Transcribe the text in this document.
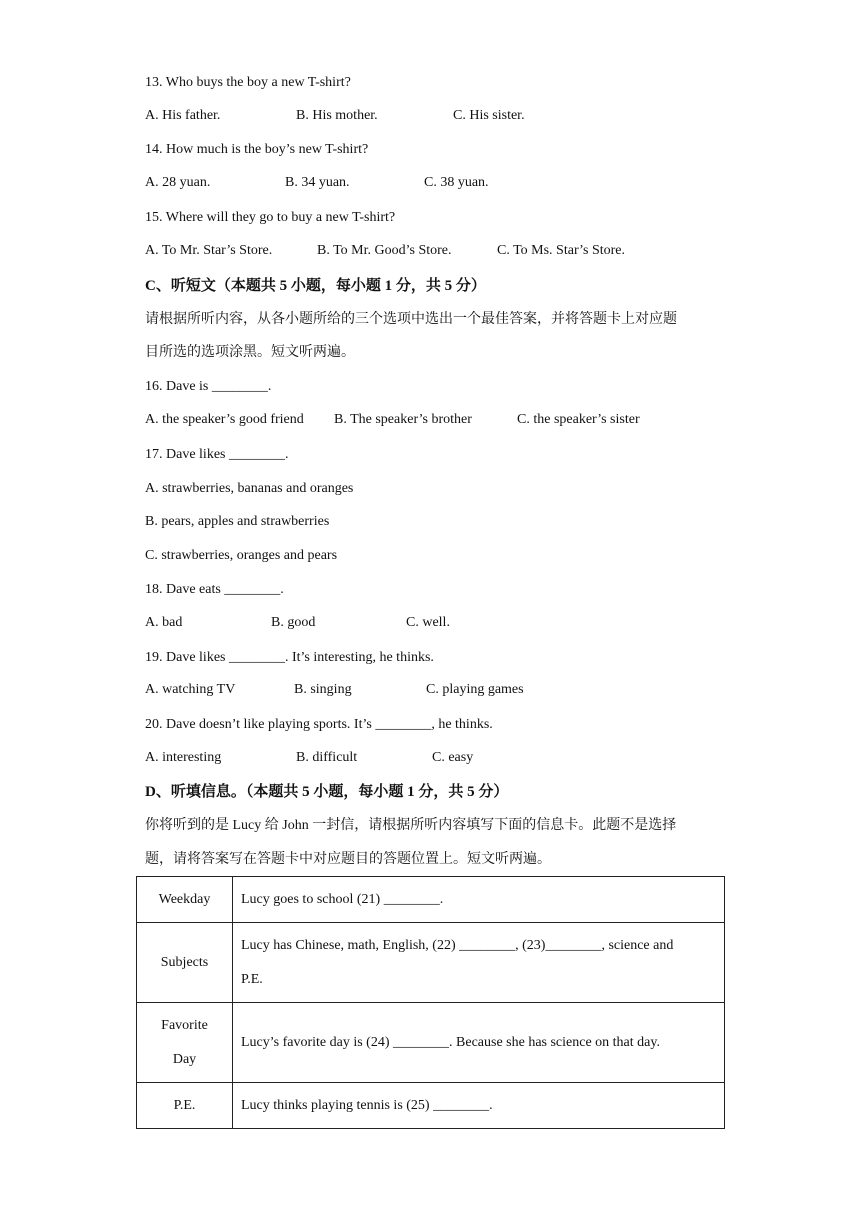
13. Who buys the boy a new T-shirt?
A. His father.	B. His mother.	C. His sister.
14. How much is the boy’s new T-shirt?
A. 28 yuan.	B. 34 yuan.	C. 38 yuan.
15. Where will they go to buy a new T-shirt?
A. To Mr. Star’s Store.	B. To Mr. Good’s Store.	C. To Ms. Star’s Store.
C、听短文（本题共 5 小题，每小题 1 分，共 5 分）
请根据所听内容，从各小题所给的三个选项中选出一个最佳答案，并将答题卡上对应题
目所选的选项涂黑。短文听两遍。
16. Dave is ________.
A. the speaker’s good friend B. The speaker’s brother	C. the speaker’s sister
17. Dave likes ________.
A. strawberries, bananas and oranges
B. pears, apples and strawberries
C. strawberries, oranges and pears
18. Dave eats ________.
A. bad	B. good	C. well.
19. Dave likes ________. It’s interesting, he thinks.
A. watching TV	B. singing	C. playing games
20. Dave doesn’t like playing sports. It’s ________, he thinks.
A. interesting	B. difficult	C. easy
D、听填信息。（本题共 5 小题，每小题 1 分，共 5 分）
你将听到的是 Lucy 给 John 一封信，请根据所听内容填写下面的信息卡。此题不是选择
题，请将答案写在答题卡中对应题目的答题位置上。短文听两遍。
Weekday	Lucy goes to school (21) ________.
Subjects	Lucy has Chinese, math, English, (22) ________, (23)________, science and
P.E.

Favorite
Day	Lucy’s favorite day is (24) ________. Because she has science on that day.
P.E.	Lucy thinks playing tennis is (25) ________.
